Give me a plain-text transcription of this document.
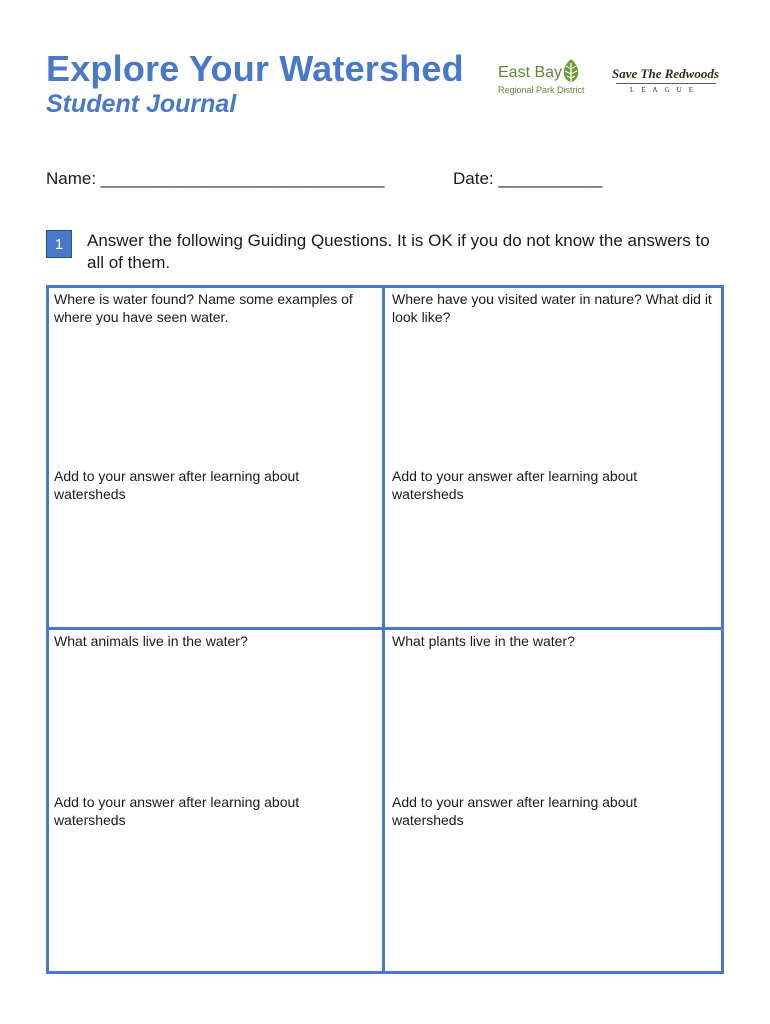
Explore Your Watershed
Student Journal
East Bay
Regional Park District
Save The Redwoods
LEAGUE
Name: ______________________________	Date: ___________
1	Answer the following Guiding Questions. It is OK if you do not know the answers to all of them.
Where is water found? Name some examples of where you have seen water.
Where have you visited water in nature? What did it look like?
Add to your answer after learning about watersheds
Add to your answer after learning about watersheds
What animals live in the water?	What plants live in the water?
Add to your answer after learning about watersheds
Add to your answer after learning about watersheds
